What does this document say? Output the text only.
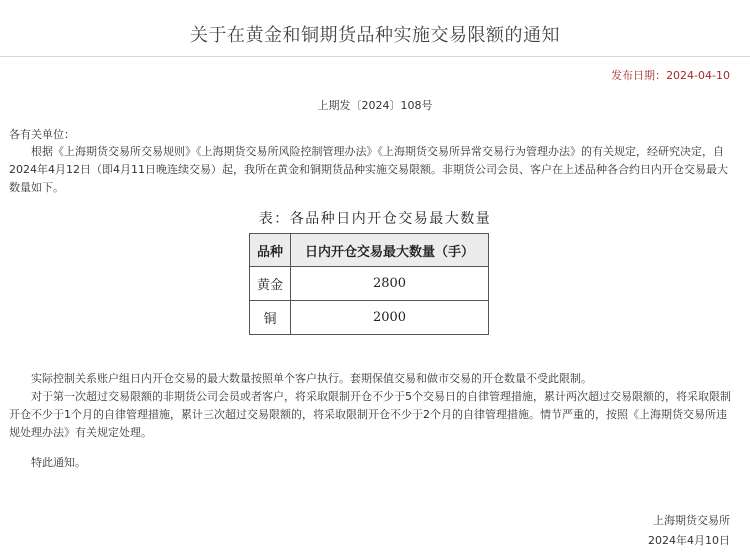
关于在黄金和铜期货品种实施交易限额的通知
发布日期：2024-04-10
上期发〔2024〕108号
各有关单位：

根据《上海期货交易所交易规则》《上海期货交易所风险控制管理办法》《上海期货交易所异常交易行为管理办法》的有关规定，经研究决定，自2024年4月12日（即4月11日晚连续交易）起，我所在黄金和铜期货品种实施交易限额。非期货公司会员、客户在上述品种各合约日内开仓交易最大数量如下。

表：各品种日内开仓交易最大数量
品种	日内开仓交易最大数量（手）
黄金	2800
铜	2000

实际控制关系账户组日内开仓交易的最大数量按照单个客户执行。套期保值交易和做市交易的开仓数量不受此限制。

对于第一次超过交易限额的非期货公司会员或者客户，将采取限制开仓不少于5个交易日的自律管理措施，累计两次超过交易限额的，将采取限制开仓不少于1个月的自律管理措施，累计三次超过交易限额的，将采取限制开仓不少于2个月的自律管理措施。情节严重的，按照《上海期货交易所违规处理办法》有关规定处理。

特此通知。

上海期货交易所
2024年4月10日
